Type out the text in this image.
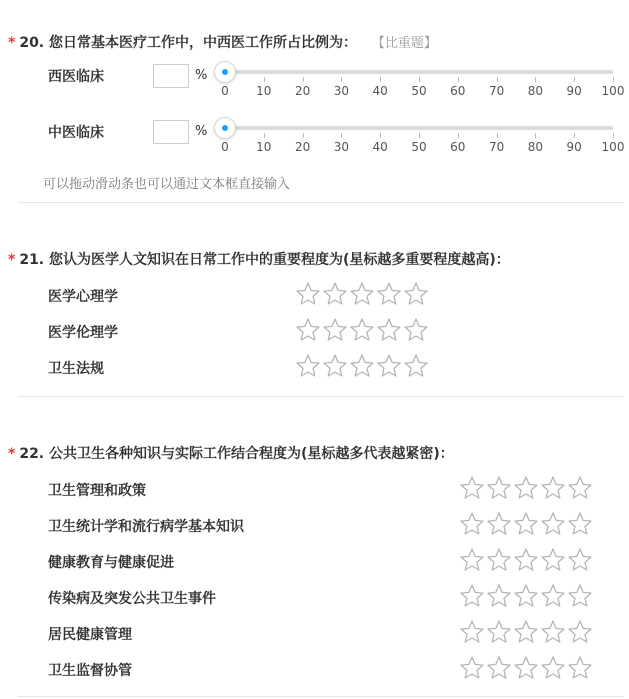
* 20. 您日常基本医疗工作中，中西医工作所占比例为： 【比重题】
西医临床	%
0 10 20 30 40 50 60 70 80 90 100
中医临床	%
0 10 20 30 40 50 60 70 80 90 100
可以拖动滑动条也可以通过文本框直接输入
* 21. 您认为医学人文知识在日常工作中的重要程度为(星标越多重要程度越高)：
医学心理学
医学伦理学
卫生法规
* 22. 公共卫生各种知识与实际工作结合程度为(星标越多代表越紧密)：
卫生管理和政策
卫生统计学和流行病学基本知识
健康教育与健康促进
传染病及突发公共卫生事件
居民健康管理
卫生监督协管
